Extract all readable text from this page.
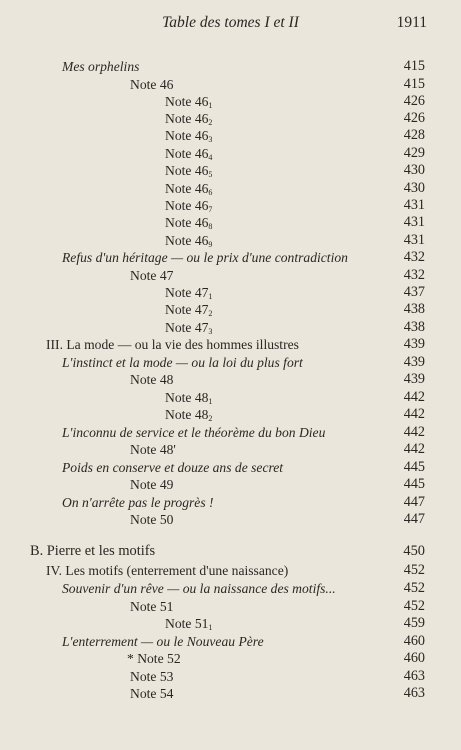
Table des tomes I et II	1911
Mes orphelins	415
Note 46	415
Note $46_1$	426
Note $46_2$	426
Note $46_3$	428
Note $46_4$	429
Note $46_5$	430
Note $46_6$	430
Note $46_7$	431
Note $46_8$	431
Note $46_9$	431
Refus d'un héritage — ou le prix d'une contradiction	432
Note 47	432
Note $47_1$	437
Note $47_2$	438
Note $47_3$	438
III. La mode — ou la vie des hommes illustres	439
L'instinct et la mode — ou la loi du plus fort	439
Note 48	439
Note $48_1$	442
Note $48_2$	442
L'inconnu de service et le théorème du bon Dieu	442
Note 48'	442
Poids en conserve et douze ans de secret	445
Note 49	445
On n'arrête pas le progrès !	447
Note 50	447
B. Pierre et les motifs	450
IV. Les motifs (enterrement d'une naissance)	452
Souvenir d'un rêve — ou la naissance des motifs...	452
Note 51	452
Note $51_1$	459
L'enterrement — ou le Nouveau Père	460
* Note 52	460
Note 53	463
Note 54	463
